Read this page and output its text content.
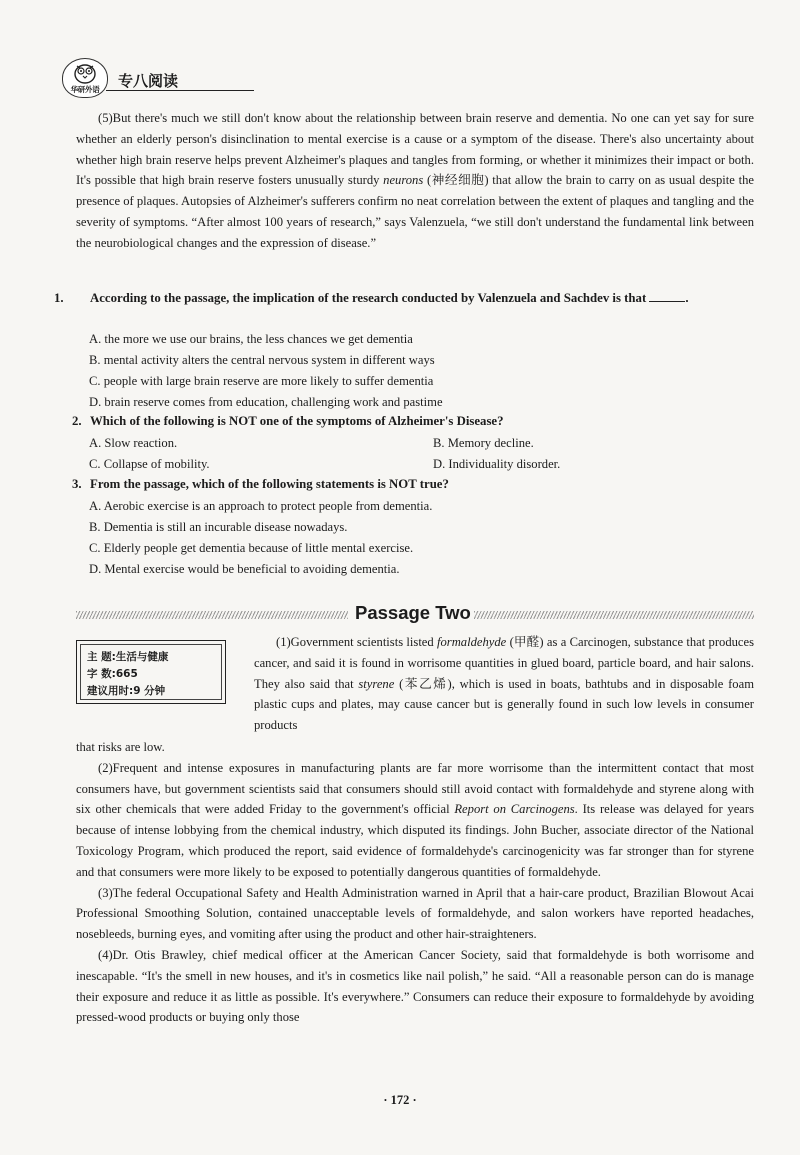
华研外语	专八阅读

(5)But there's much we still don't know about the relationship between brain reserve and dementia. No one can yet say for sure whether an elderly person's disinclination to mental exercise is a cause or a symptom of the disease. There's also uncertainty about whether high brain reserve helps prevent Alzheimer's plaques and tangles from forming, or whether it minimizes their impact or both. It's possible that high brain reserve fosters unusually sturdy neurons (神经细胞) that allow the brain to carry on as usual despite the presence of plaques. Autopsies of Alzheimer's sufferers confirm no neat correlation between the extent of plaques and tangling and the severity of symptoms. “After almost 100 years of research,” says Valenzuela, “we still don't understand the fundamental link between the neurobiological changes and the expression of disease.”

1. According to the passage, the implication of the research conducted by Valenzuela and Sachdev is that	.

A. the more we use our brains, the less chances we get dementia
B. mental activity alters the central nervous system in different ways
C. people with large brain reserve are more likely to suffer dementia
D. brain reserve comes from education, challenging work and pastime

2. Which of the following is NOT one of the symptoms of Alzheimer's Disease?

A. Slow reaction.	B. Memory decline.
C. Collapse of mobility.	D. Individuality disorder.

3. From the passage, which of the following statements is NOT true?

A. Aerobic exercise is an approach to protect people from dementia.
B. Dementia is still an incurable disease nowadays.
C. Elderly people get dementia because of little mental exercise.
D. Mental exercise would be beneficial to avoiding dementia.
Passage Two
主 题:生活与健康
字 数:665
建议用时:9 分钟

(1)Government scientists listed formaldehyde (甲醛) as a Carcinogen, substance that produces cancer, and said it is found in worrisome quantities in glued board, particle board, and hair salons. They also said that styrene (苯乙烯), which is used in boats, bathtubs and in disposable foam plastic cups and plates, may cause cancer but is generally found in such low levels in consumer products

that risks are low.

(2)Frequent and intense exposures in manufacturing plants are far more worrisome than the intermittent contact that most consumers have, but government scientists said that consumers should still avoid contact with formaldehyde and styrene along with six other chemicals that were added Friday to the government's official Report on Carcinogens. Its release was delayed for years because of intense lobbying from the chemical industry, which disputed its findings. John Bucher, associate director of the National Toxicology Program, which produced the report, said evidence of formaldehyde's carcinogenicity was far stronger than for styrene and that consumers were more likely to be exposed to potentially dangerous quantities of formaldehyde.

(3)The federal Occupational Safety and Health Administration warned in April that a hair-care product, Brazilian Blowout Acai Professional Smoothing Solution, contained unacceptable levels of formaldehyde, and salon workers have reported headaches, nosebleeds, burning eyes, and vomiting after using the product and other hair-straighteners.

(4)Dr. Otis Brawley, chief medical officer at the American Cancer Society, said that formaldehyde is both worrisome and inescapable. “It's the smell in new houses, and it's in cosmetics like nail polish,” he said. “All a reasonable person can do is manage their exposure and reduce it as little as possible. It's everywhere.” Consumers can reduce their exposure to formaldehyde by avoiding pressed-wood products or buying only those

· 172 ·
